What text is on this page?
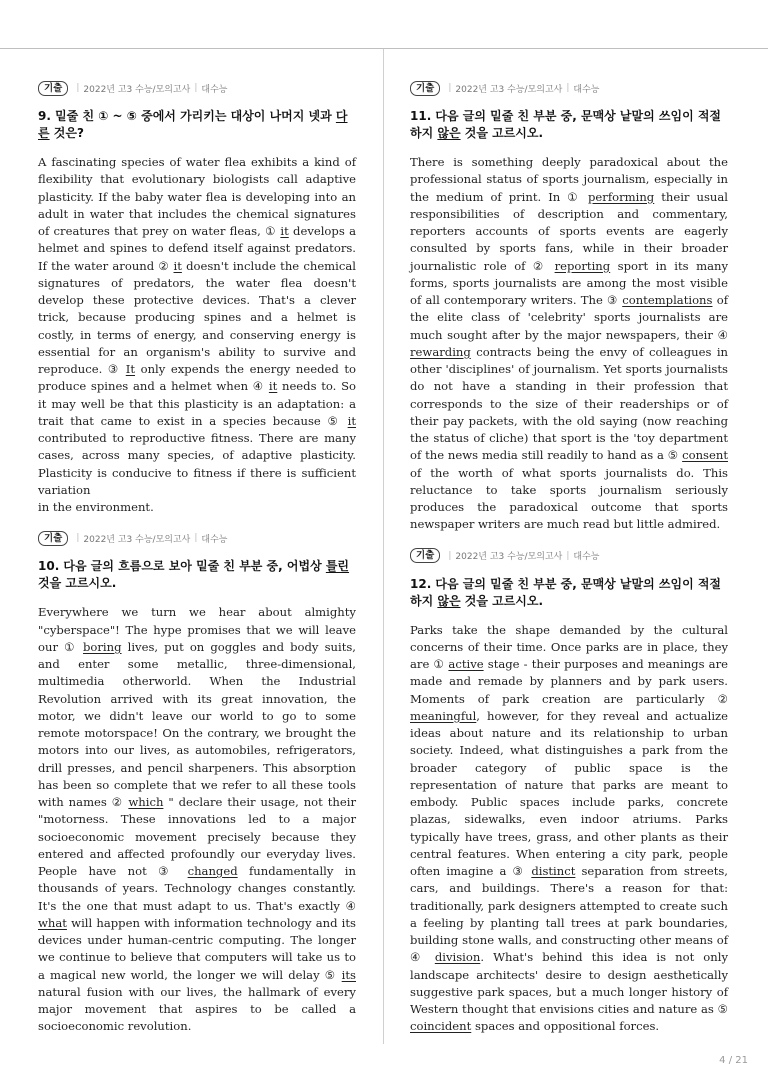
기출	| 2022년 고3 수능/모의고사 | 대수능
9. 밑줄 친 ① ~ ⑤ 중에서 가리키는 대상이 나머지 넷과 다른 것은?
A fascinating species of water flea exhibits a kind of flexibility that evolutionary biologists call adaptive plasticity. If the baby water flea is developing into an adult in water that includes the chemical signatures of creatures that prey on water fleas, ① it develops a helmet and spines to defend itself against predators. If the water around ② it doesn't include the chemical signatures of predators, the water flea doesn't develop these protective devices. That's a clever trick, because producing spines and a helmet is costly, in terms of energy, and conserving energy is essential for an organism's ability to survive and reproduce. ③ It only expends the energy needed to produce spines and a helmet when ④ it needs to. So it may well be that this plasticity is an adaptation: a trait that came to exist in a species because ⑤ it contributed to reproductive fitness. There are many cases, across many species, of adaptive plasticity. Plasticity is conducive to fitness if there is sufficient variation
in the environment.
기출	| 2022년 고3 수능/모의고사 | 대수능
10. 다음 글의 흐름으로 보아 밑줄 친 부분 중, 어법상 틀린 것을 고르시오.
Everywhere we turn we hear about almighty "cyberspace"! The hype promises that we will leave our ① boring lives, put on goggles and body suits, and enter some metallic, three-dimensional, multimedia otherworld. When the Industrial Revolution arrived with its great innovation, the motor, we didn't leave our world to go to some remote motorspace! On the contrary, we brought the motors into our lives, as automobiles, refrigerators, drill presses, and pencil sharpeners. This absorption has been so complete that we refer to all these tools with names ② which " declare their usage, not their "motorness. These innovations led to a major socioeconomic movement precisely because they entered and affected profoundly our everyday lives. People have not ③ changed fundamentally in thousands of years. Technology changes constantly. It's the one that must adapt to us. That's exactly ④ what will happen with information technology and its devices under human-centric computing. The longer we continue to believe that computers will take us to a magical new world, the longer we will delay ⑤ its natural fusion with our lives, the hallmark of every major movement that aspires to be called a socioeconomic revolution.
기출	| 2022년 고3 수능/모의고사 | 대수능
11. 다음 글의 밑줄 친 부분 중, 문맥상 낱말의 쓰임이 적절하지 않은 것을 고르시오.
There is something deeply paradoxical about the professional status of sports journalism, especially in the medium of print. In ① performing their usual responsibilities of description and commentary, reporters accounts of sports events are eagerly consulted by sports fans, while in their broader journalistic role of ② reporting sport in its many forms, sports journalists are among the most visible of all contemporary writers. The ③ contemplations of the elite class of 'celebrity' sports journalists are much sought after by the major newspapers, their ④ rewarding contracts being the envy of colleagues in other 'disciplines' of journalism. Yet sports journalists do not have a standing in their profession that corresponds to the size of their readerships or of their pay packets, with the old saying (now reaching the status of cliche) that sport is the 'toy department of the news media still readily to hand as a ⑤ consent of the worth of what sports journalists do. This reluctance to take sports journalism seriously produces the paradoxical outcome that sports newspaper writers are much read but little admired.
기출	| 2022년 고3 수능/모의고사 | 대수능
12. 다음 글의 밑줄 친 부분 중, 문맥상 낱말의 쓰임이 적절하지 않은 것을 고르시오.
Parks take the shape demanded by the cultural concerns of their time. Once parks are in place, they are ① active stage - their purposes and meanings are made and remade by planners and by park users. Moments of park creation are particularly ② meaningful, however, for they reveal and actualize ideas about nature and its relationship to urban society. Indeed, what distinguishes a park from the broader category of public space is the representation of nature that parks are meant to embody. Public spaces include parks, concrete plazas, sidewalks, even indoor atriums. Parks typically have trees, grass, and other plants as their central features. When entering a city park, people often imagine a ③ distinct separation from streets, cars, and buildings. There's a reason for that: traditionally, park designers attempted to create such a feeling by planting tall trees at park boundaries, building stone walls, and constructing other means of ④ division. What's behind this idea is not only landscape architects' desire to design aesthetically suggestive park spaces, but a much longer history of Western thought that envisions cities and nature as ⑤ coincident spaces and oppositional forces.
4 / 21
